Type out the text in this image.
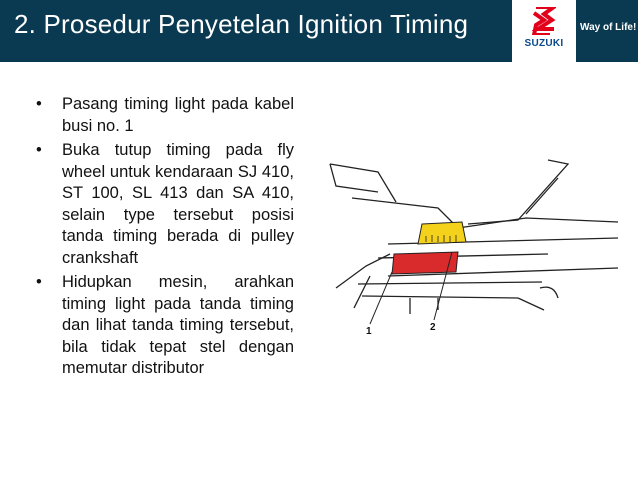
2. Prosedur Penyetelan Ignition Timing
SUZUKI
Way of Life!
• Pasang timing light pada kabel busi no. 1
• Buka tutup timing pada fly wheel untuk kendaraan SJ 410, ST 100, SL 413 dan SA 410, selain type tersebut posisi tanda timing berada di pulley crankshaft
• Hidupkan mesin, arahkan timing light pada tanda timing dan lihat tanda timing tersebut, bila tidak tepat stel dengan memutar distributor
1	2
